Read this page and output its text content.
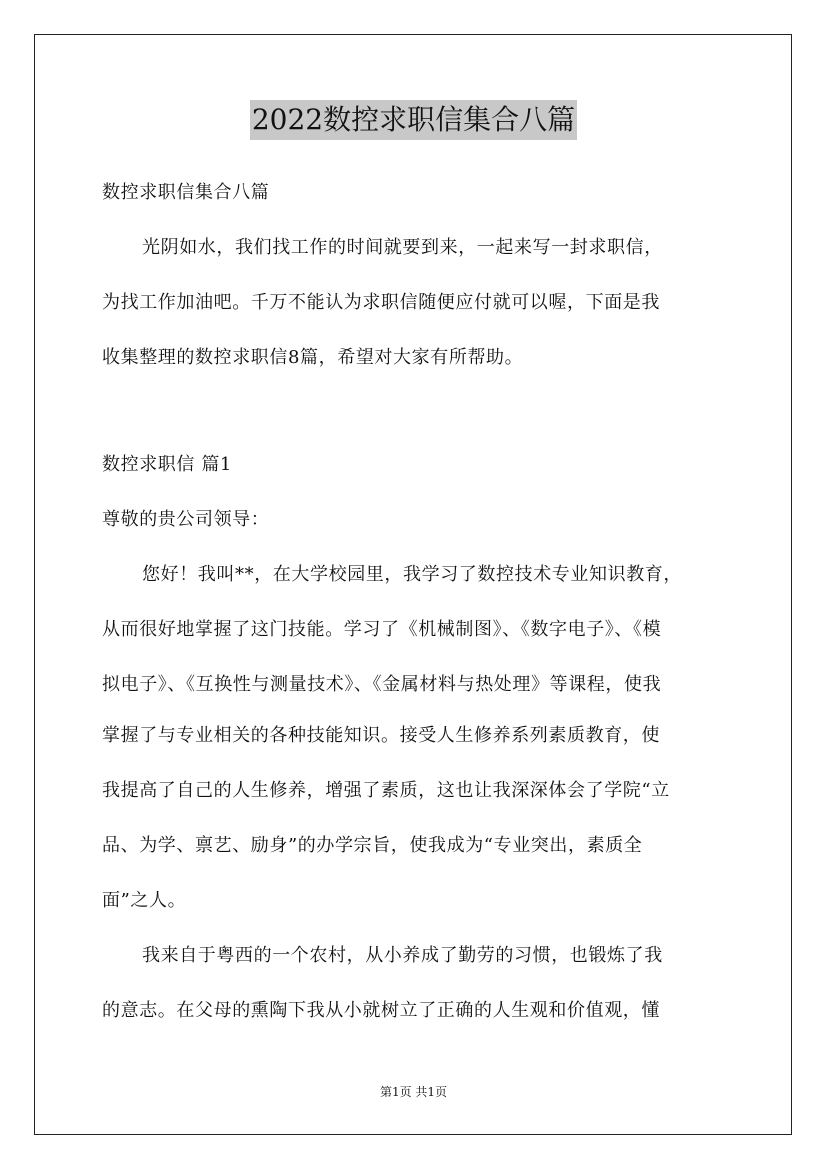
2022数控求职信集合八篇
数控求职信集合八篇
光阴如水，我们找工作的时间就要到来，一起来写一封求职信，
为找工作加油吧。千万不能认为求职信随便应付就可以喔，下面是我
收集整理的数控求职信8篇，希望对大家有所帮助。
数控求职信 篇1
尊敬的贵公司领导：
您好！我叫**，在大学校园里，我学习了数控技术专业知识教育，
从而很好地掌握了这门技能。学习了《机械制图》、《数字电子》、《模
拟电子》、《互换性与测量技术》、《金属材料与热处理》等课程，使我
掌握了与专业相关的各种技能知识。接受人生修养系列素质教育，使
我提高了自己的人生修养，增强了素质，这也让我深深体会了学院“立
品、为学、禀艺、励身”的办学宗旨，使我成为“专业突出，素质全
面”之人。
我来自于粤西的一个农村，从小养成了勤劳的习惯，也锻炼了我
的意志。在父母的熏陶下我从小就树立了正确的人生观和价值观，懂
第1页 共1页
